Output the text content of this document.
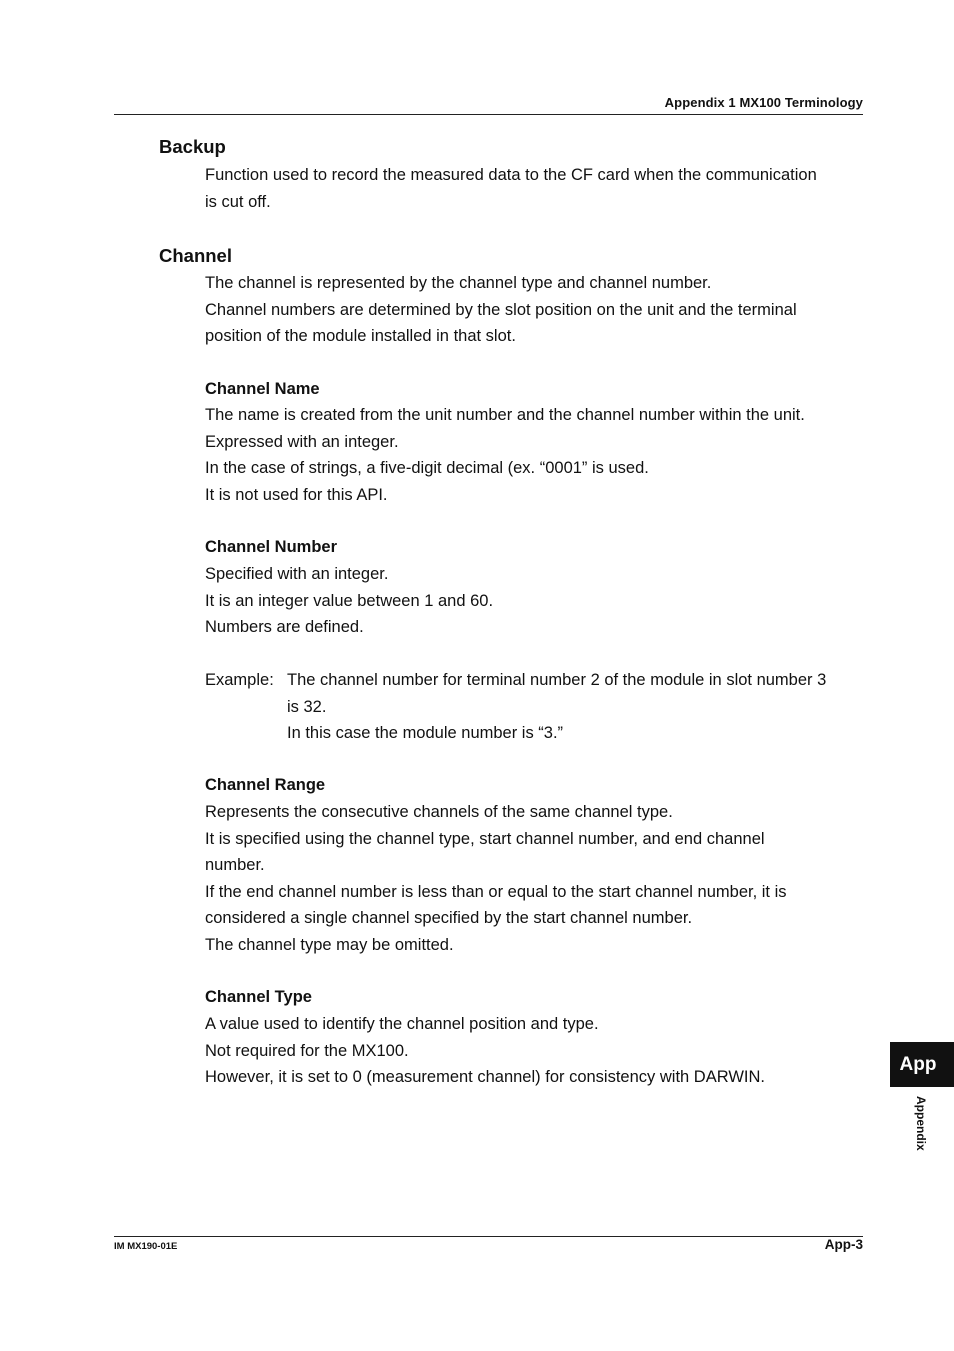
Appendix 1 MX100 Terminology
Backup
Function used to record the measured data to the CF card when the communication
is cut off.
Channel
The channel is represented by the channel type and channel number.
Channel numbers are determined by the slot position on the unit and the terminal
position of the module installed in that slot.
Channel Name
The name is created from the unit number and the channel number within the unit.
Expressed with an integer.
In the case of strings, a five-digit decimal (ex. “0001” is used.
It is not used for this API.
Channel Number
Specified with an integer.
It is an integer value between 1 and 60.
Numbers are defined.
Example: The channel number for terminal number 2 of the module in slot number 3
is 32.
In this case the module number is “3.”
Channel Range
Represents the consecutive channels of the same channel type.
It is specified using the channel type, start channel number, and end channel
number.
If the end channel number is less than or equal to the start channel number, it is
considered a single channel specified by the start channel number.
The channel type may be omitted.
Channel Type
A value used to identify the channel position and type.
Not required for the MX100.
However, it is set to 0 (measurement channel) for consistency with DARWIN.
App
Appendix
IM MX190-01E	App-3
